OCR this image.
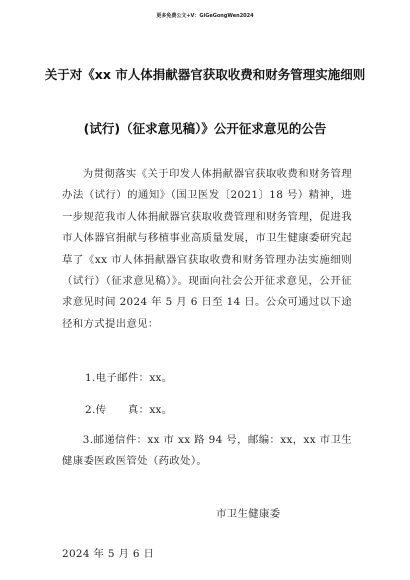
更多免费公文+V：GiGeGongWen2024
关于对《xx 市人体捐献器官获取收费和财务管理实施细则
(试行)（征求意见稿）》公开征求意见的公告
为贯彻落实《关于印发人体捐献器官获取收费和财务管理办法（试行）的通知》（国卫医发〔2021〕18 号）精神，进一步规范我市人体捐献器官获取收费管理和财务管理，促进我市人体器官捐献与移植事业高质量发展，市卫生健康委研究起草了《xx 市人体捐献器官获取收费和财务管理办法实施细则（试行）（征求意见稿）》。现面向社会公开征求意见，公开征求意见时间 2024 年 5 月 6 日至 14 日。公众可通过以下途径和方式提出意见：
1.电子邮件：xx。
2.传　　真：xx。
3.邮递信件：xx 市 xx 路 94 号，邮编：xx，xx 市卫生健康委医政医管处（药政处）。
市卫生健康委
2024 年 5 月 6 日
